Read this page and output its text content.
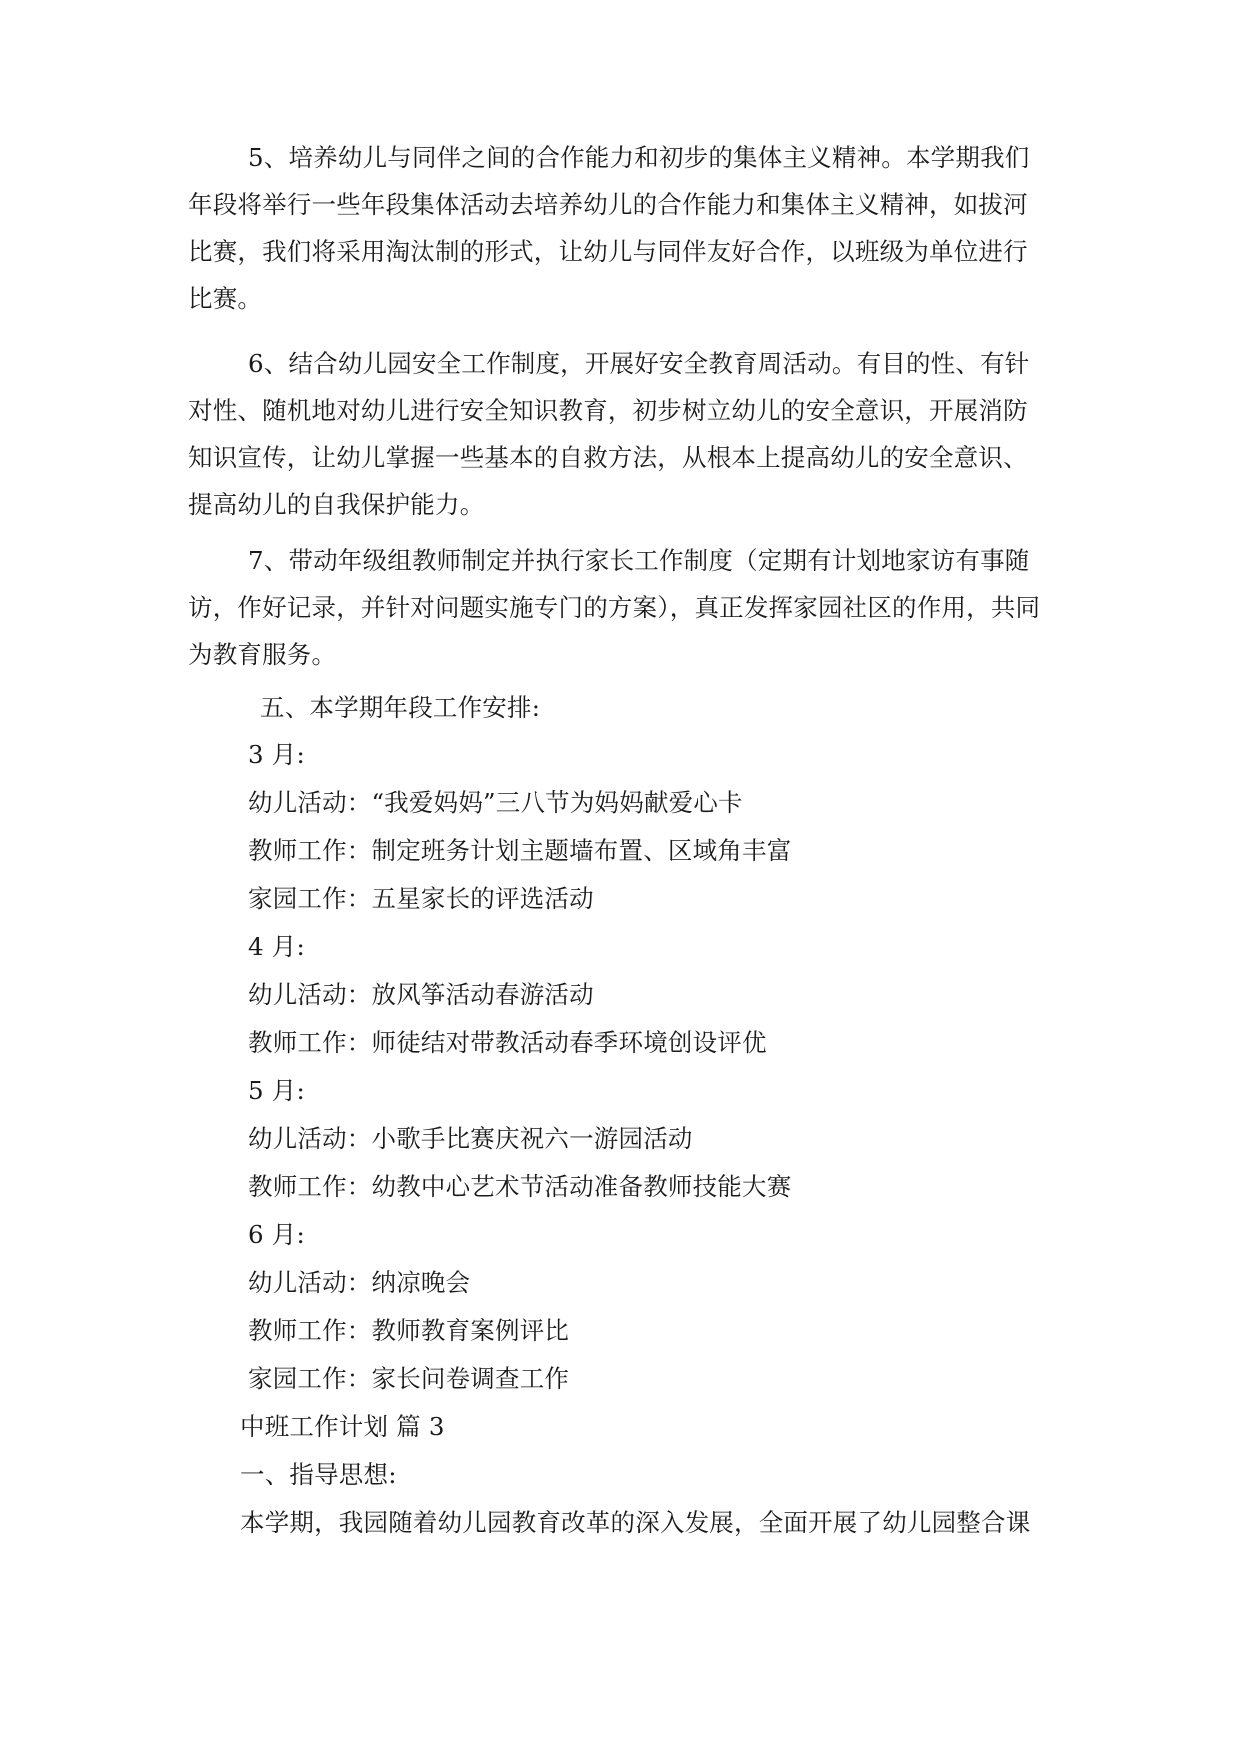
5、培养幼儿与同伴之间的合作能力和初步的集体主义精神。本学期我们
年段将举行一些年段集体活动去培养幼儿的合作能力和集体主义精神，如拔河
比赛，我们将采用淘汰制的形式，让幼儿与同伴友好合作，以班级为单位进行
比赛。
6、结合幼儿园安全工作制度，开展好安全教育周活动。有目的性、有针
对性、随机地对幼儿进行安全知识教育，初步树立幼儿的安全意识，开展消防
知识宣传，让幼儿掌握一些基本的自救方法，从根本上提高幼儿的安全意识、
提高幼儿的自我保护能力。
7、带动年级组教师制定并执行家长工作制度（定期有计划地家访有事随
访，作好记录，并针对问题实施专门的方案），真正发挥家园社区的作用，共同
为教育服务。
五、本学期年段工作安排:
3 月:
幼儿活动：“我爱妈妈”三八节为妈妈献爱心卡
教师工作：制定班务计划主题墙布置、区域角丰富
家园工作：五星家长的评选活动
4 月:
幼儿活动：放风筝活动春游活动
教师工作：师徒结对带教活动春季环境创设评优
5 月:
幼儿活动：小歌手比赛庆祝六一游园活动
教师工作：幼教中心艺术节活动准备教师技能大赛
6 月:
幼儿活动：纳凉晚会
教师工作：教师教育案例评比
家园工作：家长问卷调查工作
中班工作计划 篇 3
一、指导思想:
本学期，我园随着幼儿园教育改革的深入发展，全面开展了幼儿园整合课
